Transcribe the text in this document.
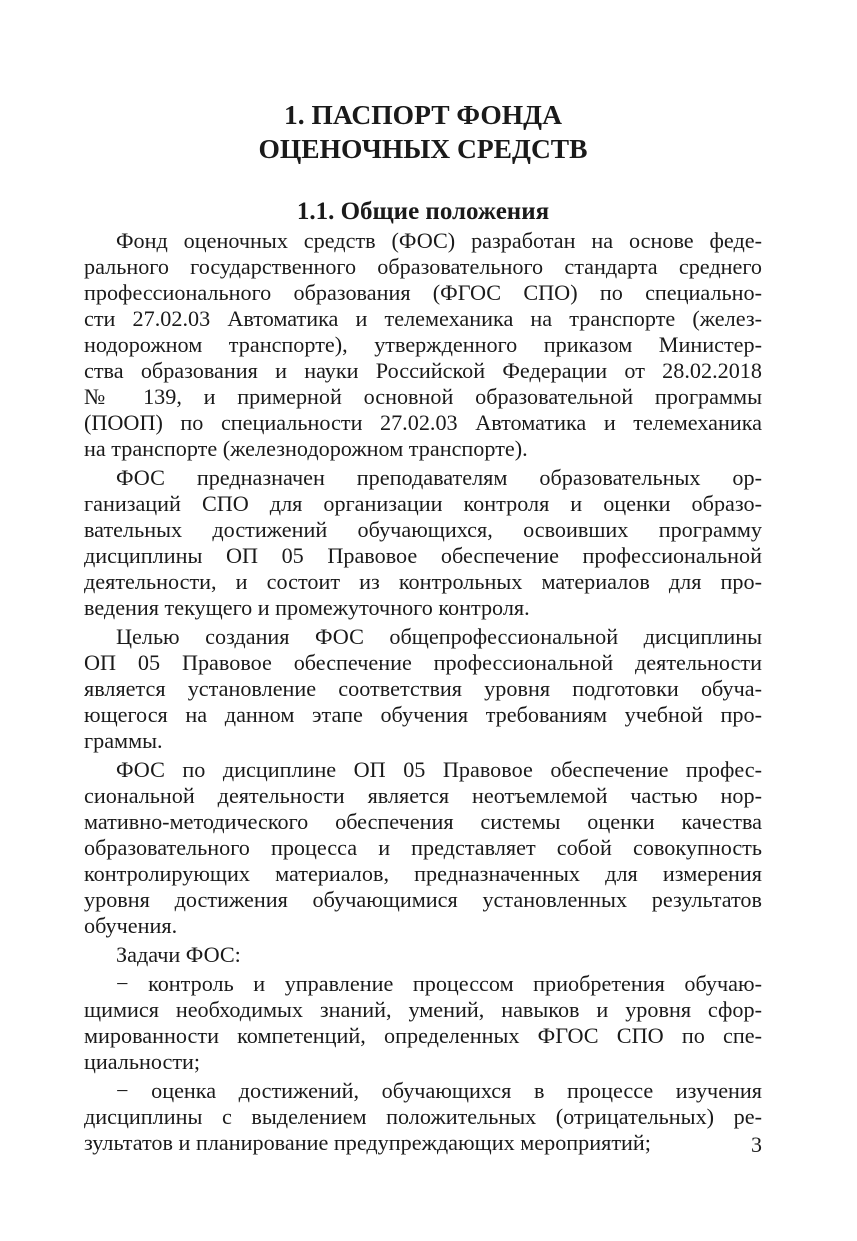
1. ПАСПОРТ ФОНДА
ОЦЕНОЧНЫХ СРЕДСТВ
1.1. Общие положения
Фонд оценочных средств (ФОС) разработан на основе феде-
рального государственного образовательного стандарта среднего
профессионального образования (ФГОС СПО) по специально-
сти 27.02.03 Автоматика и телемеханика на транспорте (желез-
нодорожном транспорте), утвержденного приказом Министер-
ства образования и науки Российской Федерации от 28.02.2018
№ 139, и примерной основной образовательной программы
(ПООП) по специальности 27.02.03 Автоматика и телемеханика
на транспорте (железнодорожном транспорте).
ФОС предназначен преподавателям образовательных ор-
ганизаций СПО для организации контроля и оценки образо-
вательных достижений обучающихся, освоивших программу
дисциплины ОП 05 Правовое обеспечение профессиональной
деятельности, и состоит из контрольных материалов для про-
ведения текущего и промежуточного контроля.
Целью создания ФОС общепрофессиональной дисциплины
ОП 05 Правовое обеспечение профессиональной деятельности
является установление соответствия уровня подготовки обуча-
ющегося на данном этапе обучения требованиям учебной про-
граммы.
ФОС по дисциплине ОП 05 Правовое обеспечение профес-
сиональной деятельности является неотъемлемой частью нор-
мативно-методического обеспечения системы оценки качества
образовательного процесса и представляет собой совокупность
контролирующих материалов, предназначенных для измерения
уровня достижения обучающимися установленных результатов
обучения.
Задачи ФОС:
− контроль и управление процессом приобретения обучаю-
щимися необходимых знаний, умений, навыков и уровня сфор-
мированности компетенций, определенных ФГОС СПО по спе-
циальности;
− оценка достижений, обучающихся в процессе изучения
дисциплины с выделением положительных (отрицательных) ре-
зультатов и планирование предупреждающих мероприятий;	3
